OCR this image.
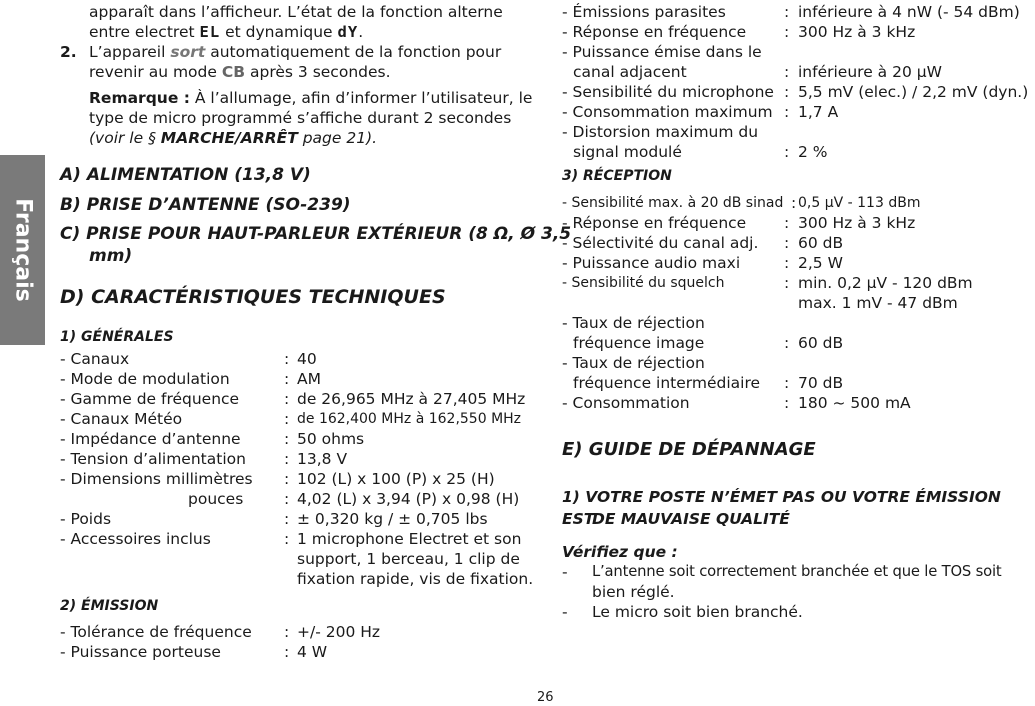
Français
apparaît dans l’afficheur. L’état de la fonction alterne
entre electret EL et dynamique dY.
2. L’appareil sort automatiquement de la fonction pour
revenir au mode CB après 3 secondes.
Remarque : À l’allumage, afin d’informer l’utilisateur, le
type de micro programmé s’affiche durant 2 secondes
(voir le § MARCHE/ARRÊT page 21).
A) ALIMENTATION (13,8 V)
B) PRISE D’ANTENNE (SO-239)
C) PRISE POUR HAUT-PARLEUR EXTÉRIEUR (8 Ω, Ø 3,5
mm)
D) CARACTÉRISTIQUES TECHNIQUES
1) GÉNÉRALES
- Canaux	: 40
- Mode de modulation	: AM
- Gamme de fréquence	: de 26,965 MHz à 27,405 MHz
- Canaux Météo	: de 162,400 MHz à 162,550 MHz
- Impédance d’antenne	: 50 ohms
- Tension d’alimentation : 13,8 V
- Dimensions millimètres : 102 (L) x 100 (P) x 25 (H)
pouces	: 4,02 (L) x 3,94 (P) x 0,98 (H)
- Poids	: ± 0,320 kg / ± 0,705 lbs
- Accessoires inclus	: 1 microphone Electret et son
support, 1 berceau, 1 clip de
fixation rapide, vis de fixation.
2) ÉMISSION
- Tolérance de fréquence : +/- 200 Hz
- Puissance porteuse	: 4 W
- Émissions parasites	: inférieure à 4 nW (- 54 dBm)
- Réponse en fréquence : 300 Hz à 3 kHz
- Puissance émise dans le
canal adjacent	: inférieure à 20 µW
- Sensibilité du microphone : 5,5 mV (elec.) / 2,2 mV (dyn.)
- Consommation maximum : 1,7 A
- Distorsion maximum du
signal modulé	: 2 %
3) RÉCEPTION
- Sensibilité max. à 20 dB sinad : 0,5 µV - 113 dBm
- Réponse en fréquence : 300 Hz à 3 kHz
- Sélectivité du canal adj. : 60 dB
- Puissance audio maxi	: 2,5 W
- Sensibilité du squelch	: min. 0,2 µV - 120 dBm
max. 1 mV - 47 dBm
- Taux de réjection
fréquence image	: 60 dB
- Taux de réjection
fréquence intermédiaire : 70 dB
- Consommation	: 180 ~ 500 mA
E) GUIDE DE DÉPANNAGE
1) VOTRE POSTE N’ÉMET PAS OU VOTRE ÉMISSION EST
DE MAUVAISE QUALITÉ
Vérifiez que :
- L’antenne soit correctement branchée et que le TOS soit
bien réglé.
- Le micro soit bien branché.
26
